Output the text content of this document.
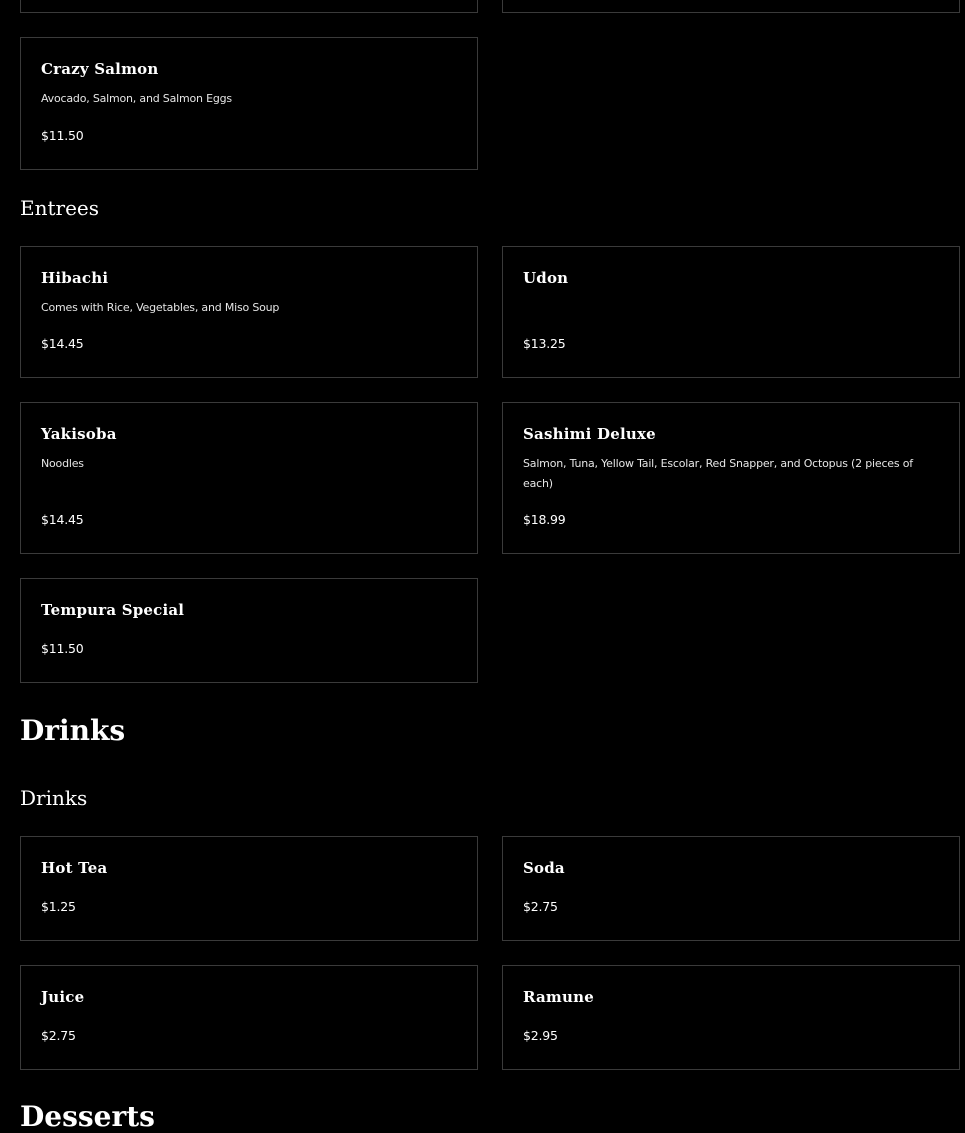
Crazy Salmon
Avocado, Salmon, and Salmon Eggs
$11.50
Entrees
Hibachi
Comes with Rice, Vegetables, and Miso Soup
$14.45
Udon
$13.25
Yakisoba
Noodles
$14.45
Sashimi Deluxe
Salmon, Tuna, Yellow Tail, Escolar, Red Snapper, and Octopus (2 pieces of each)
$18.99
Tempura Special
$11.50
Drinks
Drinks
Hot Tea
$1.25
Soda
$2.75
Juice
$2.75
Ramune
$2.95
Desserts
